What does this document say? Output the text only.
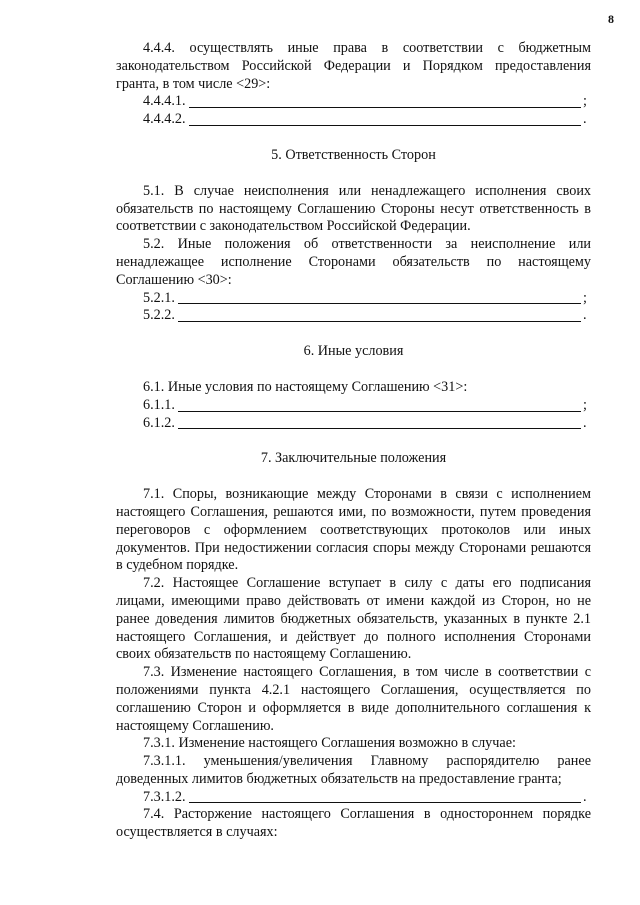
8

4.4.4. осуществлять иные права в соответствии с бюджетным законодательством Российской Федерации и Порядком предоставления гранта, в том числе <29>:

4.4.4.1.	;
4.4.4.2.	.

5. Ответственность Сторон

5.1. В случае неисполнения или ненадлежащего исполнения своих обязательств по настоящему Соглашению Стороны несут ответственность в соответствии с законодательством Российской Федерации.

5.2. Иные положения об ответственности за неисполнение или ненадлежащее исполнение Сторонами обязательств по настоящему Соглашению <30>:

5.2.1.	;
5.2.2.	.

6. Иные условия

6.1. Иные условия по настоящему Соглашению <31>:

6.1.1.	;
6.1.2.	.

7. Заключительные положения

7.1. Споры, возникающие между Сторонами в связи с исполнением настоящего Соглашения, решаются ими, по возможности, путем проведения переговоров с оформлением соответствующих протоколов или иных документов. При недостижении согласия споры между Сторонами решаются в судебном порядке.

7.2. Настоящее Соглашение вступает в силу с даты его подписания лицами, имеющими право действовать от имени каждой из Сторон, но не ранее доведения лимитов бюджетных обязательств, указанных в пункте 2.1 настоящего Соглашения, и действует до полного исполнения Сторонами своих обязательств по настоящему Соглашению.

7.3. Изменение настоящего Соглашения, в том числе в соответствии с положениями пункта 4.2.1 настоящего Соглашения, осуществляется по соглашению Сторон и оформляется в виде дополнительного соглашения к настоящему Соглашению.

7.3.1. Изменение настоящего Соглашения возможно в случае:

7.3.1.1. уменьшения/увеличения Главному распорядителю ранее доведенных лимитов бюджетных обязательств на предоставление гранта;

7.3.1.2.	.

7.4. Расторжение настоящего Соглашения в одностороннем порядке осуществляется в случаях:
